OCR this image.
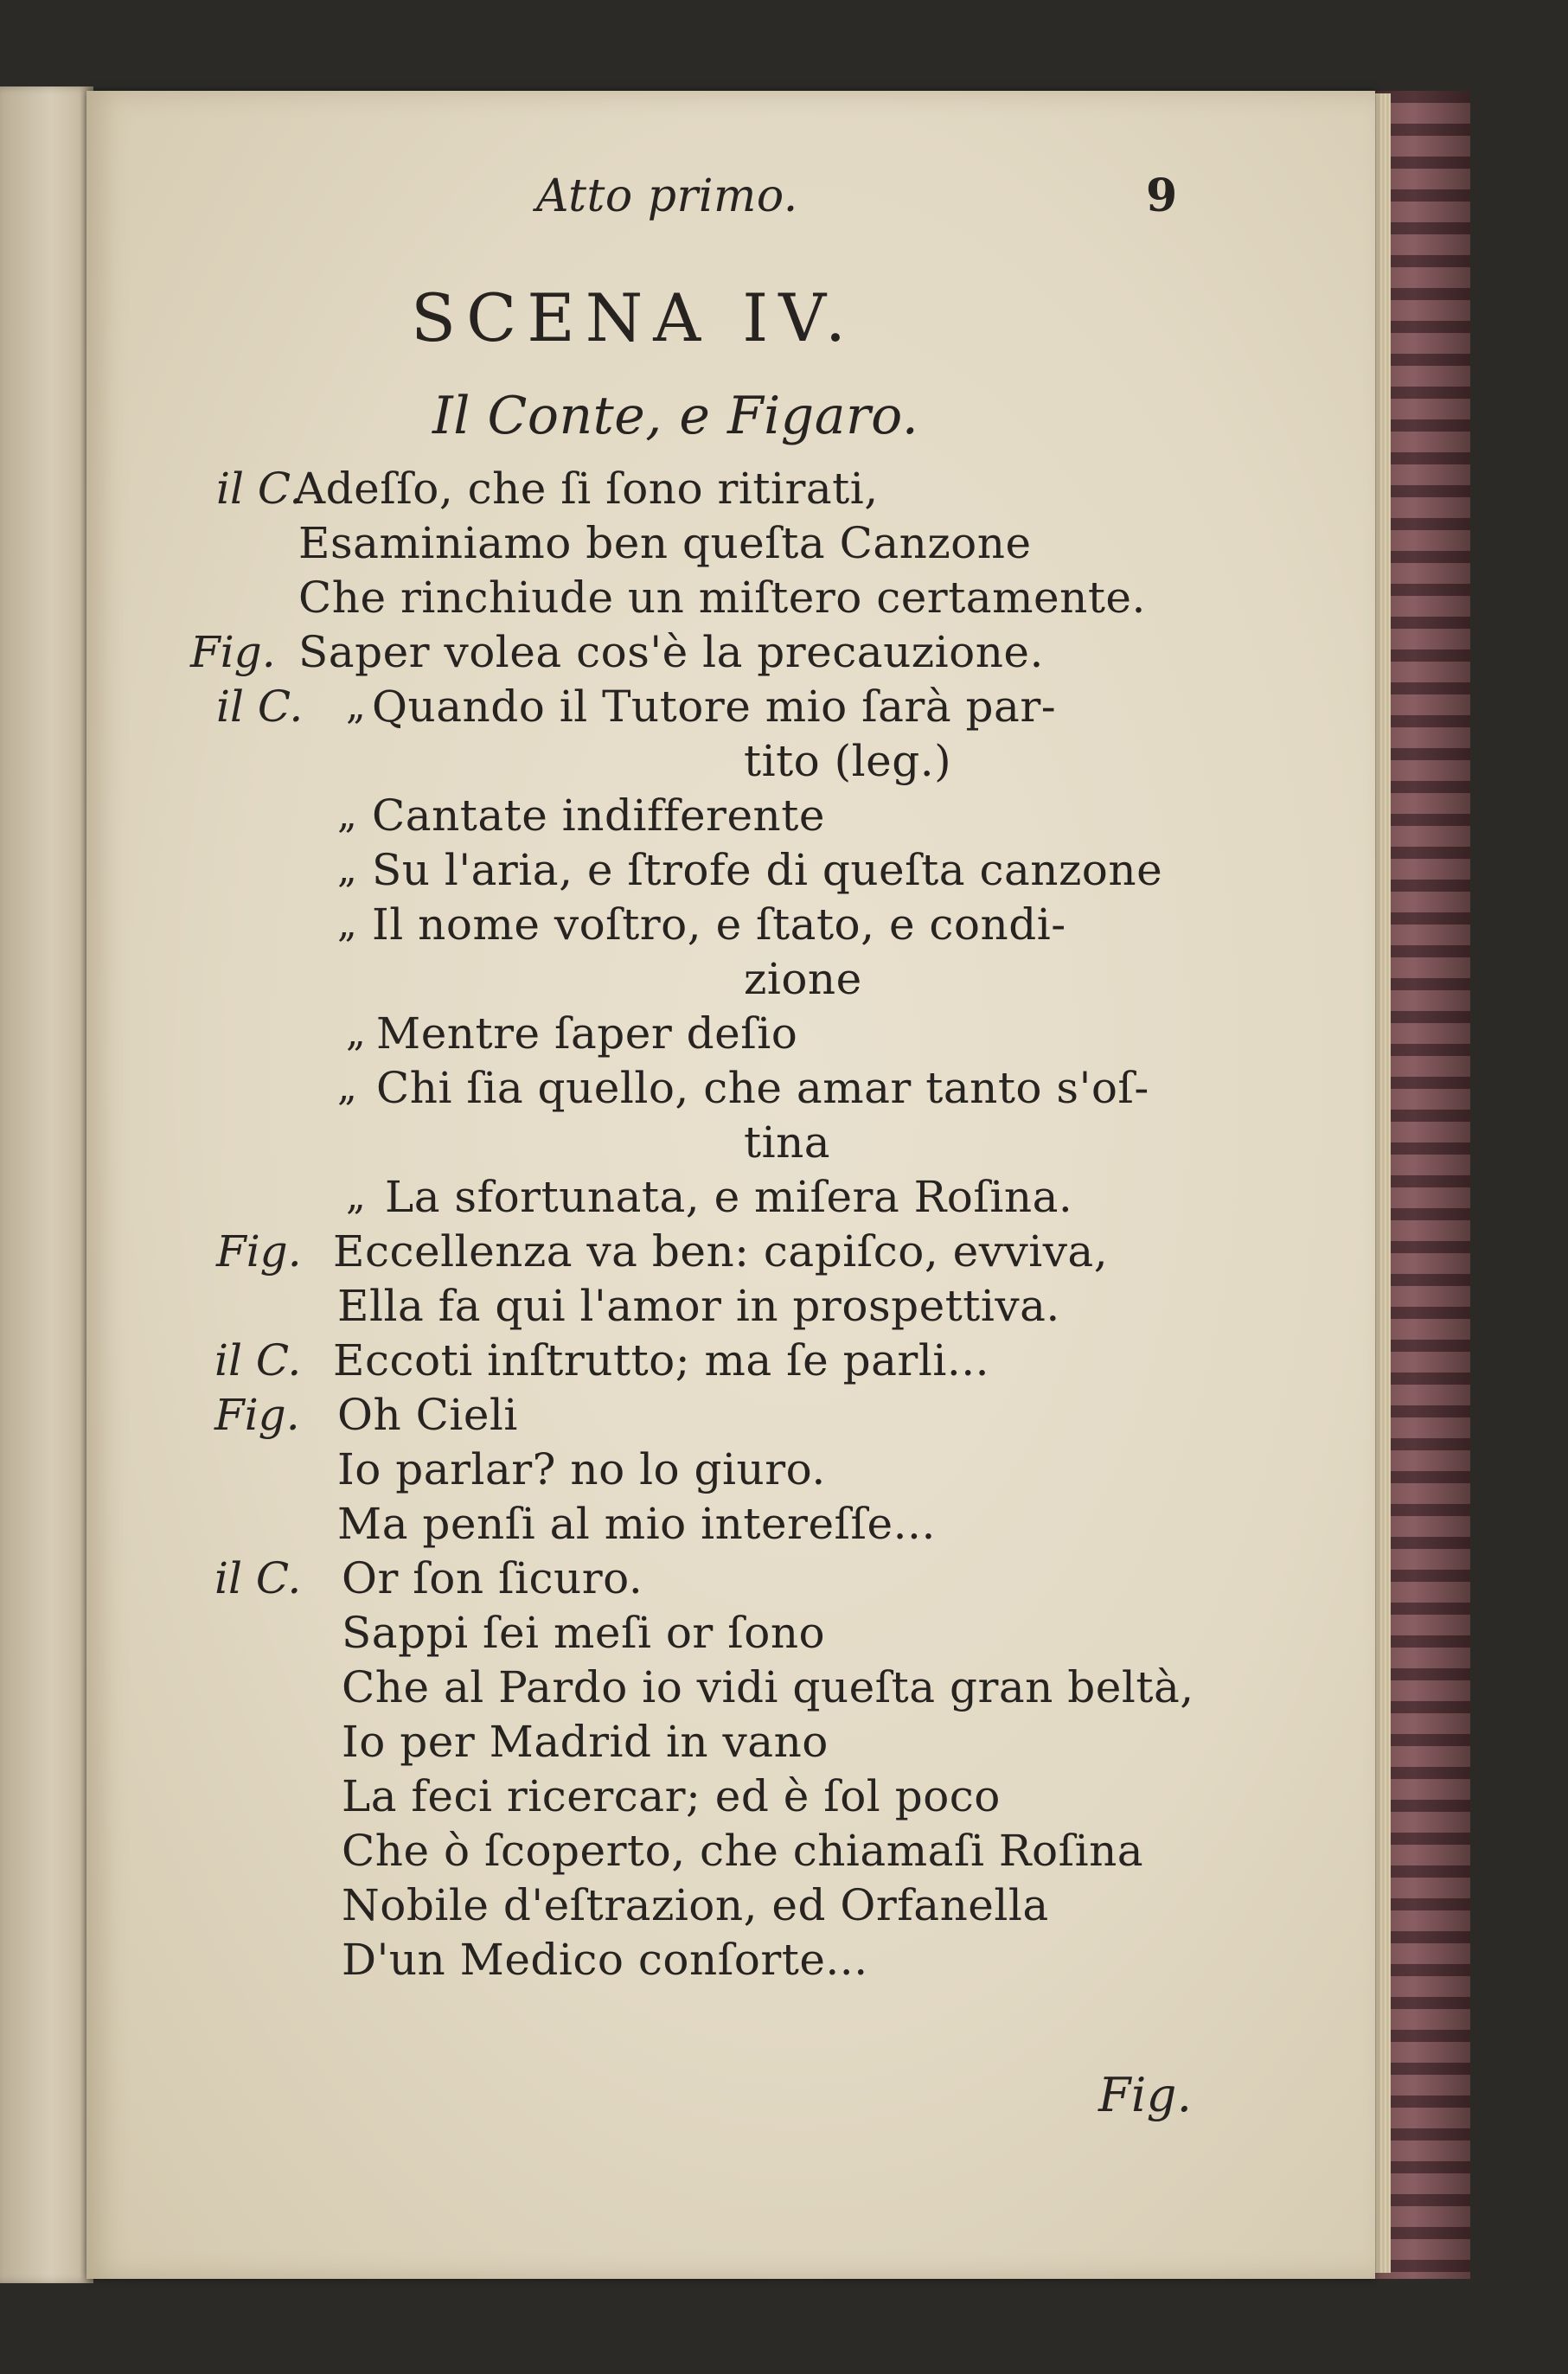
Atto primo.	9
SCENA IV.
Il Conte, e Figaro.
il C.
Adeſſo, che ſi ſono ritirati,
Esaminiamo ben queſta Canzone
Che rinchiude un miſtero certamente.
Fig. Saper volea cos'è la precauzione.
il C. „ Quando il Tutore mio ſarà par-
tito (leg.)
„ Cantate indifferente
„ Su l'aria, e ſtrofe di queſta canzone
„ Il nome voſtro, e ſtato, e condi-
zione
„ Mentre ſaper deſio
„ Chi ſia quello, che amar tanto s'oſ-
tina
„ La sfortunata, e miſera Roſina.
Fig. Eccellenza va ben: capiſco, evviva,
Ella fa qui l'amor in prospettiva.
il C. Eccoti inſtrutto; ma ſe parli...
Fig. Oh Cieli
Io parlar? no lo giuro.
Ma penſi al mio intereſſe...
il C. Or ſon ſicuro.
Sappi ſei meſi or ſono
Che al Pardo io vidi queſta gran beltà,
Io per Madrid in vano
La feci ricercar; ed è ſol poco
Che ò ſcoperto, che chiamaſi Roſina
Nobile d'eſtrazion, ed Orfanella
D'un Medico conſorte...
Fig.
